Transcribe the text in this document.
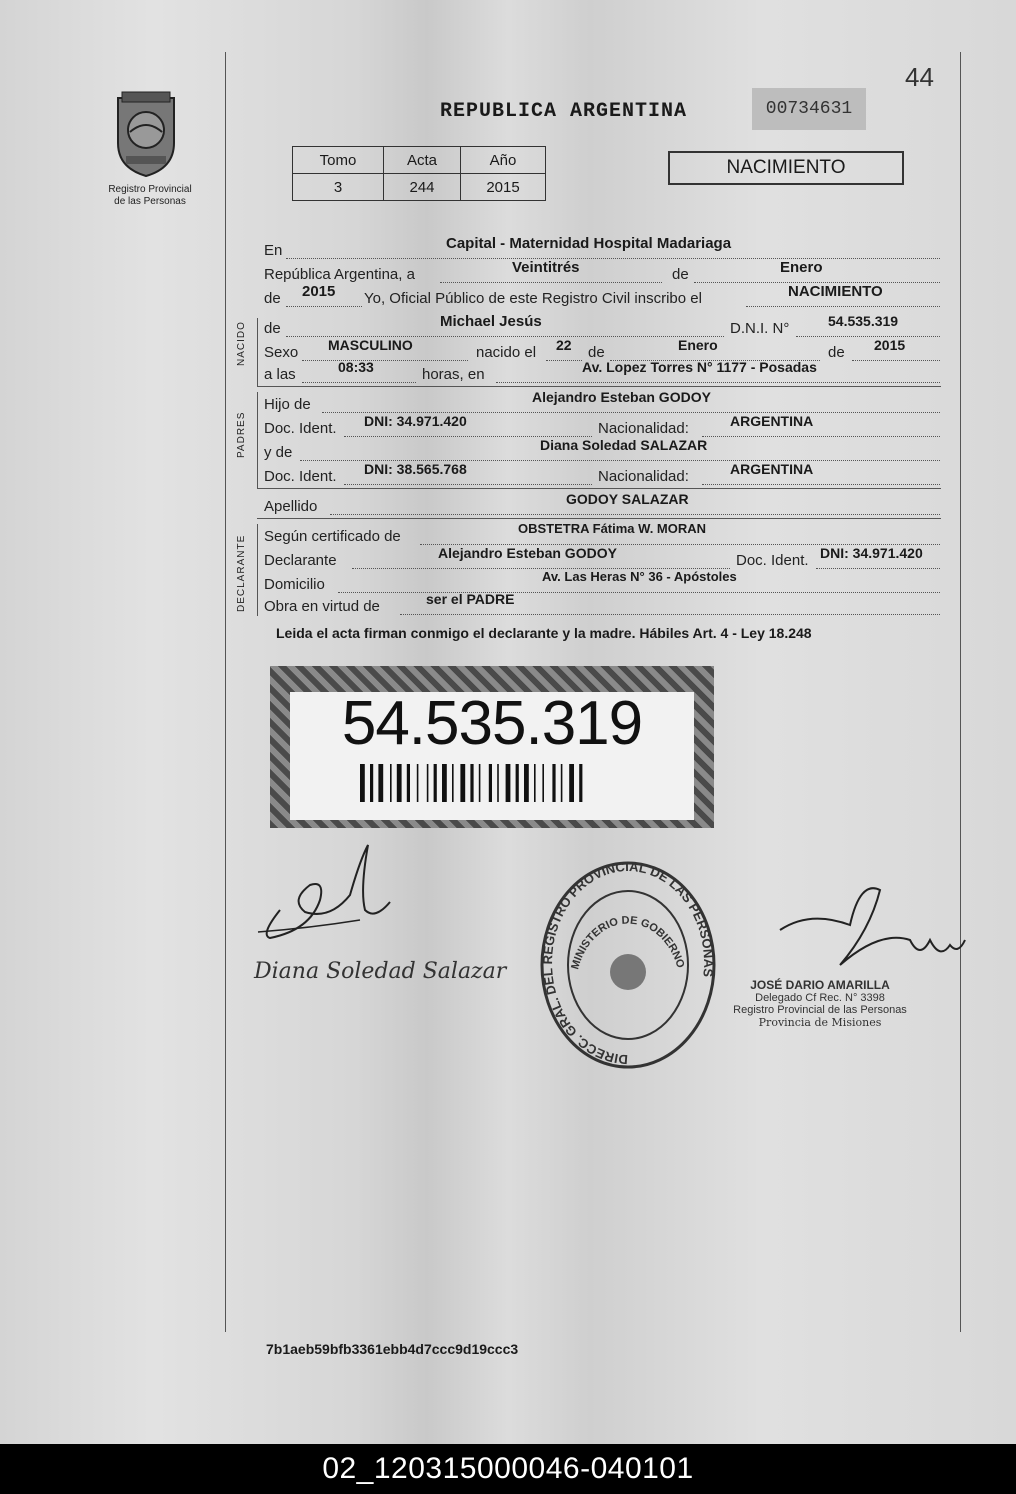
44
Registro Provincial
de las Personas
REPUBLICA ARGENTINA	00734631
Tomo	Acta	Año
3	244	2015
NACIMIENTO
En	Capital - Maternidad Hospital Madariaga
República Argentina, a	Veintitrés	de	Enero
de 2015 Yo, Oficial Público de este Registro Civil inscribo el	NACIMIENTO
NACIDO de	Michael Jesús	D.N.I. N°	54.535.319
Sexo MASCULINO	nacido el 22 de	Enero	de 2015
a las	08:33	horas, en	Av. Lopez Torres N° 1177 - Posadas
PADRES
Hijo de	Alejandro Esteban GODOY
Doc. Ident. DNI: 34.971.420	Nacionalidad:	ARGENTINA
y de	Diana Soledad SALAZAR
Doc. Ident. DNI: 38.565.768	Nacionalidad:	ARGENTINA
Apellido	GODOY SALAZAR
DECLARANTE Según certificado de	OBSTETRA Fátima W. MORAN
Declarante	Alejandro Esteban GODOY	Doc. Ident. DNI: 34.971.420
Domicilio	Av. Las Heras N° 36 - Apóstoles
Obra en virtud de	ser el PADRE
Leida el acta firman conmigo el declarante y la madre. Hábiles Art. 4 - Ley 18.248
54.535.319
Diana Soledad Salazar
DIRECC. GRAL. DEL REGISTRO PROVINCIAL DE LAS PERSONAS
MINISTERIO DE GOBIERNO
JOSÉ DARIO AMARILLA
Delegado Cf Rec. N° 3398
Registro Provincial de las Personas
Provincia de Misiones
7b1aeb59bfb3361ebb4d7ccc9d19ccc3
02_120315000046-040101
